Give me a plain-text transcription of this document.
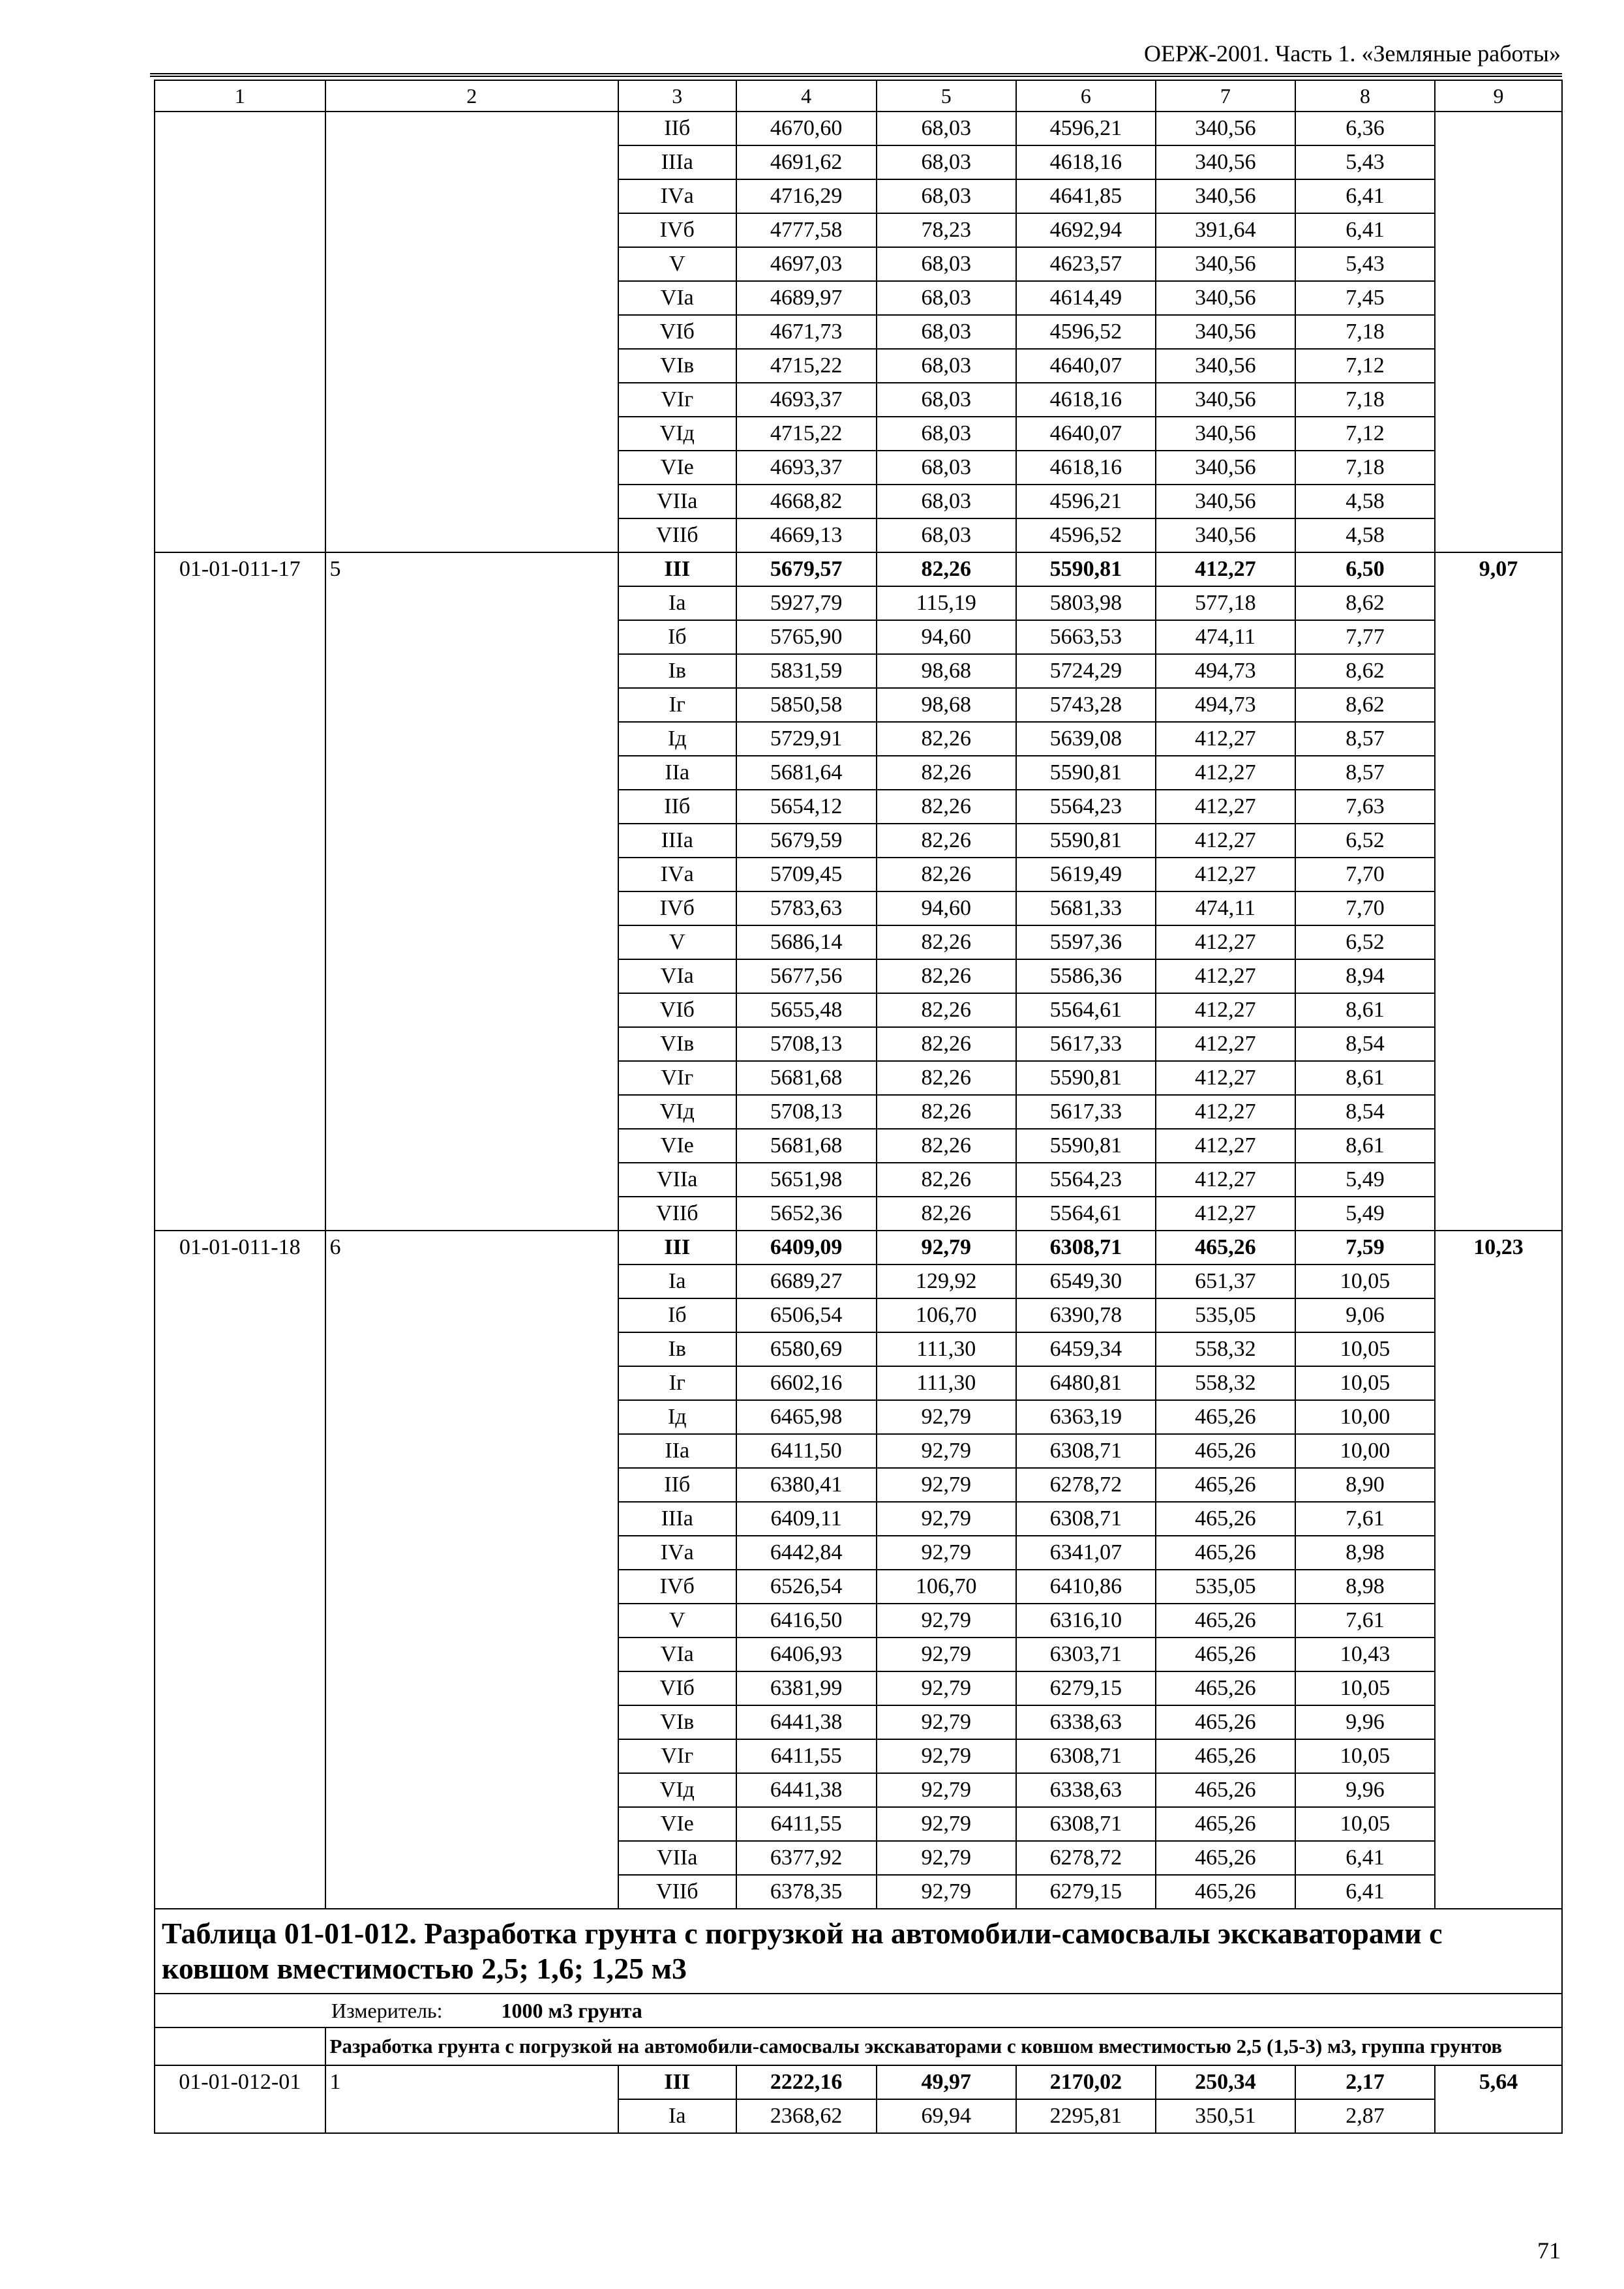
ОЕРЖ-2001. Часть 1. «Земляные работы»
1	2	3	4	5	6	7	8	9
		IIб	4670,60	68,03	4596,21	340,56	6,36	
		IIIа	4691,62	68,03	4618,16	340,56	5,43	
		IVа	4716,29	68,03	4641,85	340,56	6,41	
		IVб	4777,58	78,23	4692,94	391,64	6,41	
		V	4697,03	68,03	4623,57	340,56	5,43	
		VIа	4689,97	68,03	4614,49	340,56	7,45	
		VIб	4671,73	68,03	4596,52	340,56	7,18	
		VIв	4715,22	68,03	4640,07	340,56	7,12	
		VIг	4693,37	68,03	4618,16	340,56	7,18	
		VIд	4715,22	68,03	4640,07	340,56	7,12	
		VIе	4693,37	68,03	4618,16	340,56	7,18	
		VIIа	4668,82	68,03	4596,21	340,56	4,58	
		VIIб	4669,13	68,03	4596,52	340,56	4,58	
01-01-011-17	5	III	5679,57	82,26	5590,81	412,27	6,50	9,07
		Iа	5927,79	115,19	5803,98	577,18	8,62	
		Iб	5765,90	94,60	5663,53	474,11	7,77	
		Iв	5831,59	98,68	5724,29	494,73	8,62	
		Iг	5850,58	98,68	5743,28	494,73	8,62	
		Iд	5729,91	82,26	5639,08	412,27	8,57	
		IIа	5681,64	82,26	5590,81	412,27	8,57	
		IIб	5654,12	82,26	5564,23	412,27	7,63	
		IIIа	5679,59	82,26	5590,81	412,27	6,52	
		IVа	5709,45	82,26	5619,49	412,27	7,70	
		IVб	5783,63	94,60	5681,33	474,11	7,70	
		V	5686,14	82,26	5597,36	412,27	6,52	
		VIа	5677,56	82,26	5586,36	412,27	8,94	
		VIб	5655,48	82,26	5564,61	412,27	8,61	
		VIв	5708,13	82,26	5617,33	412,27	8,54	
		VIг	5681,68	82,26	5590,81	412,27	8,61	
		VIд	5708,13	82,26	5617,33	412,27	8,54	
		VIе	5681,68	82,26	5590,81	412,27	8,61	
		VIIа	5651,98	82,26	5564,23	412,27	5,49	
		VIIб	5652,36	82,26	5564,61	412,27	5,49	
01-01-011-18	6	III	6409,09	92,79	6308,71	465,26	7,59	10,23
		Iа	6689,27	129,92	6549,30	651,37	10,05	
		Iб	6506,54	106,70	6390,78	535,05	9,06	
		Iв	6580,69	111,30	6459,34	558,32	10,05	
		Iг	6602,16	111,30	6480,81	558,32	10,05	
		Iд	6465,98	92,79	6363,19	465,26	10,00	
		IIа	6411,50	92,79	6308,71	465,26	10,00	
		IIб	6380,41	92,79	6278,72	465,26	8,90	
		IIIа	6409,11	92,79	6308,71	465,26	7,61	
		IVа	6442,84	92,79	6341,07	465,26	8,98	
		IVб	6526,54	106,70	6410,86	535,05	8,98	
		V	6416,50	92,79	6316,10	465,26	7,61	
		VIа	6406,93	92,79	6303,71	465,26	10,43	
		VIб	6381,99	92,79	6279,15	465,26	10,05	
		VIв	6441,38	92,79	6338,63	465,26	9,96	
		VIг	6411,55	92,79	6308,71	465,26	10,05	
		VIд	6441,38	92,79	6338,63	465,26	9,96	
		VIе	6411,55	92,79	6308,71	465,26	10,05	
		VIIа	6377,92	92,79	6278,72	465,26	6,41	
		VIIб	6378,35	92,79	6279,15	465,26	6,41	
Таблица 01-01-012. Разработка грунта с погрузкой на автомобили-самосвалы экскаваторами с ковшом вместимостью 2,5; 1,6; 1,25 м3								
Измеритель: 1000 м3 грунта								
	Разработка грунта с погрузкой на автомобили-самосвалы экскаваторами с ковшом вместимостью 2,5 (1,5-3) м3, группа грунтов							
01-01-012-01	1	III	2222,16	49,97	2170,02	250,34	2,17	5,64
		Iа	2368,62	69,94	2295,81	350,51	2,87	
71
